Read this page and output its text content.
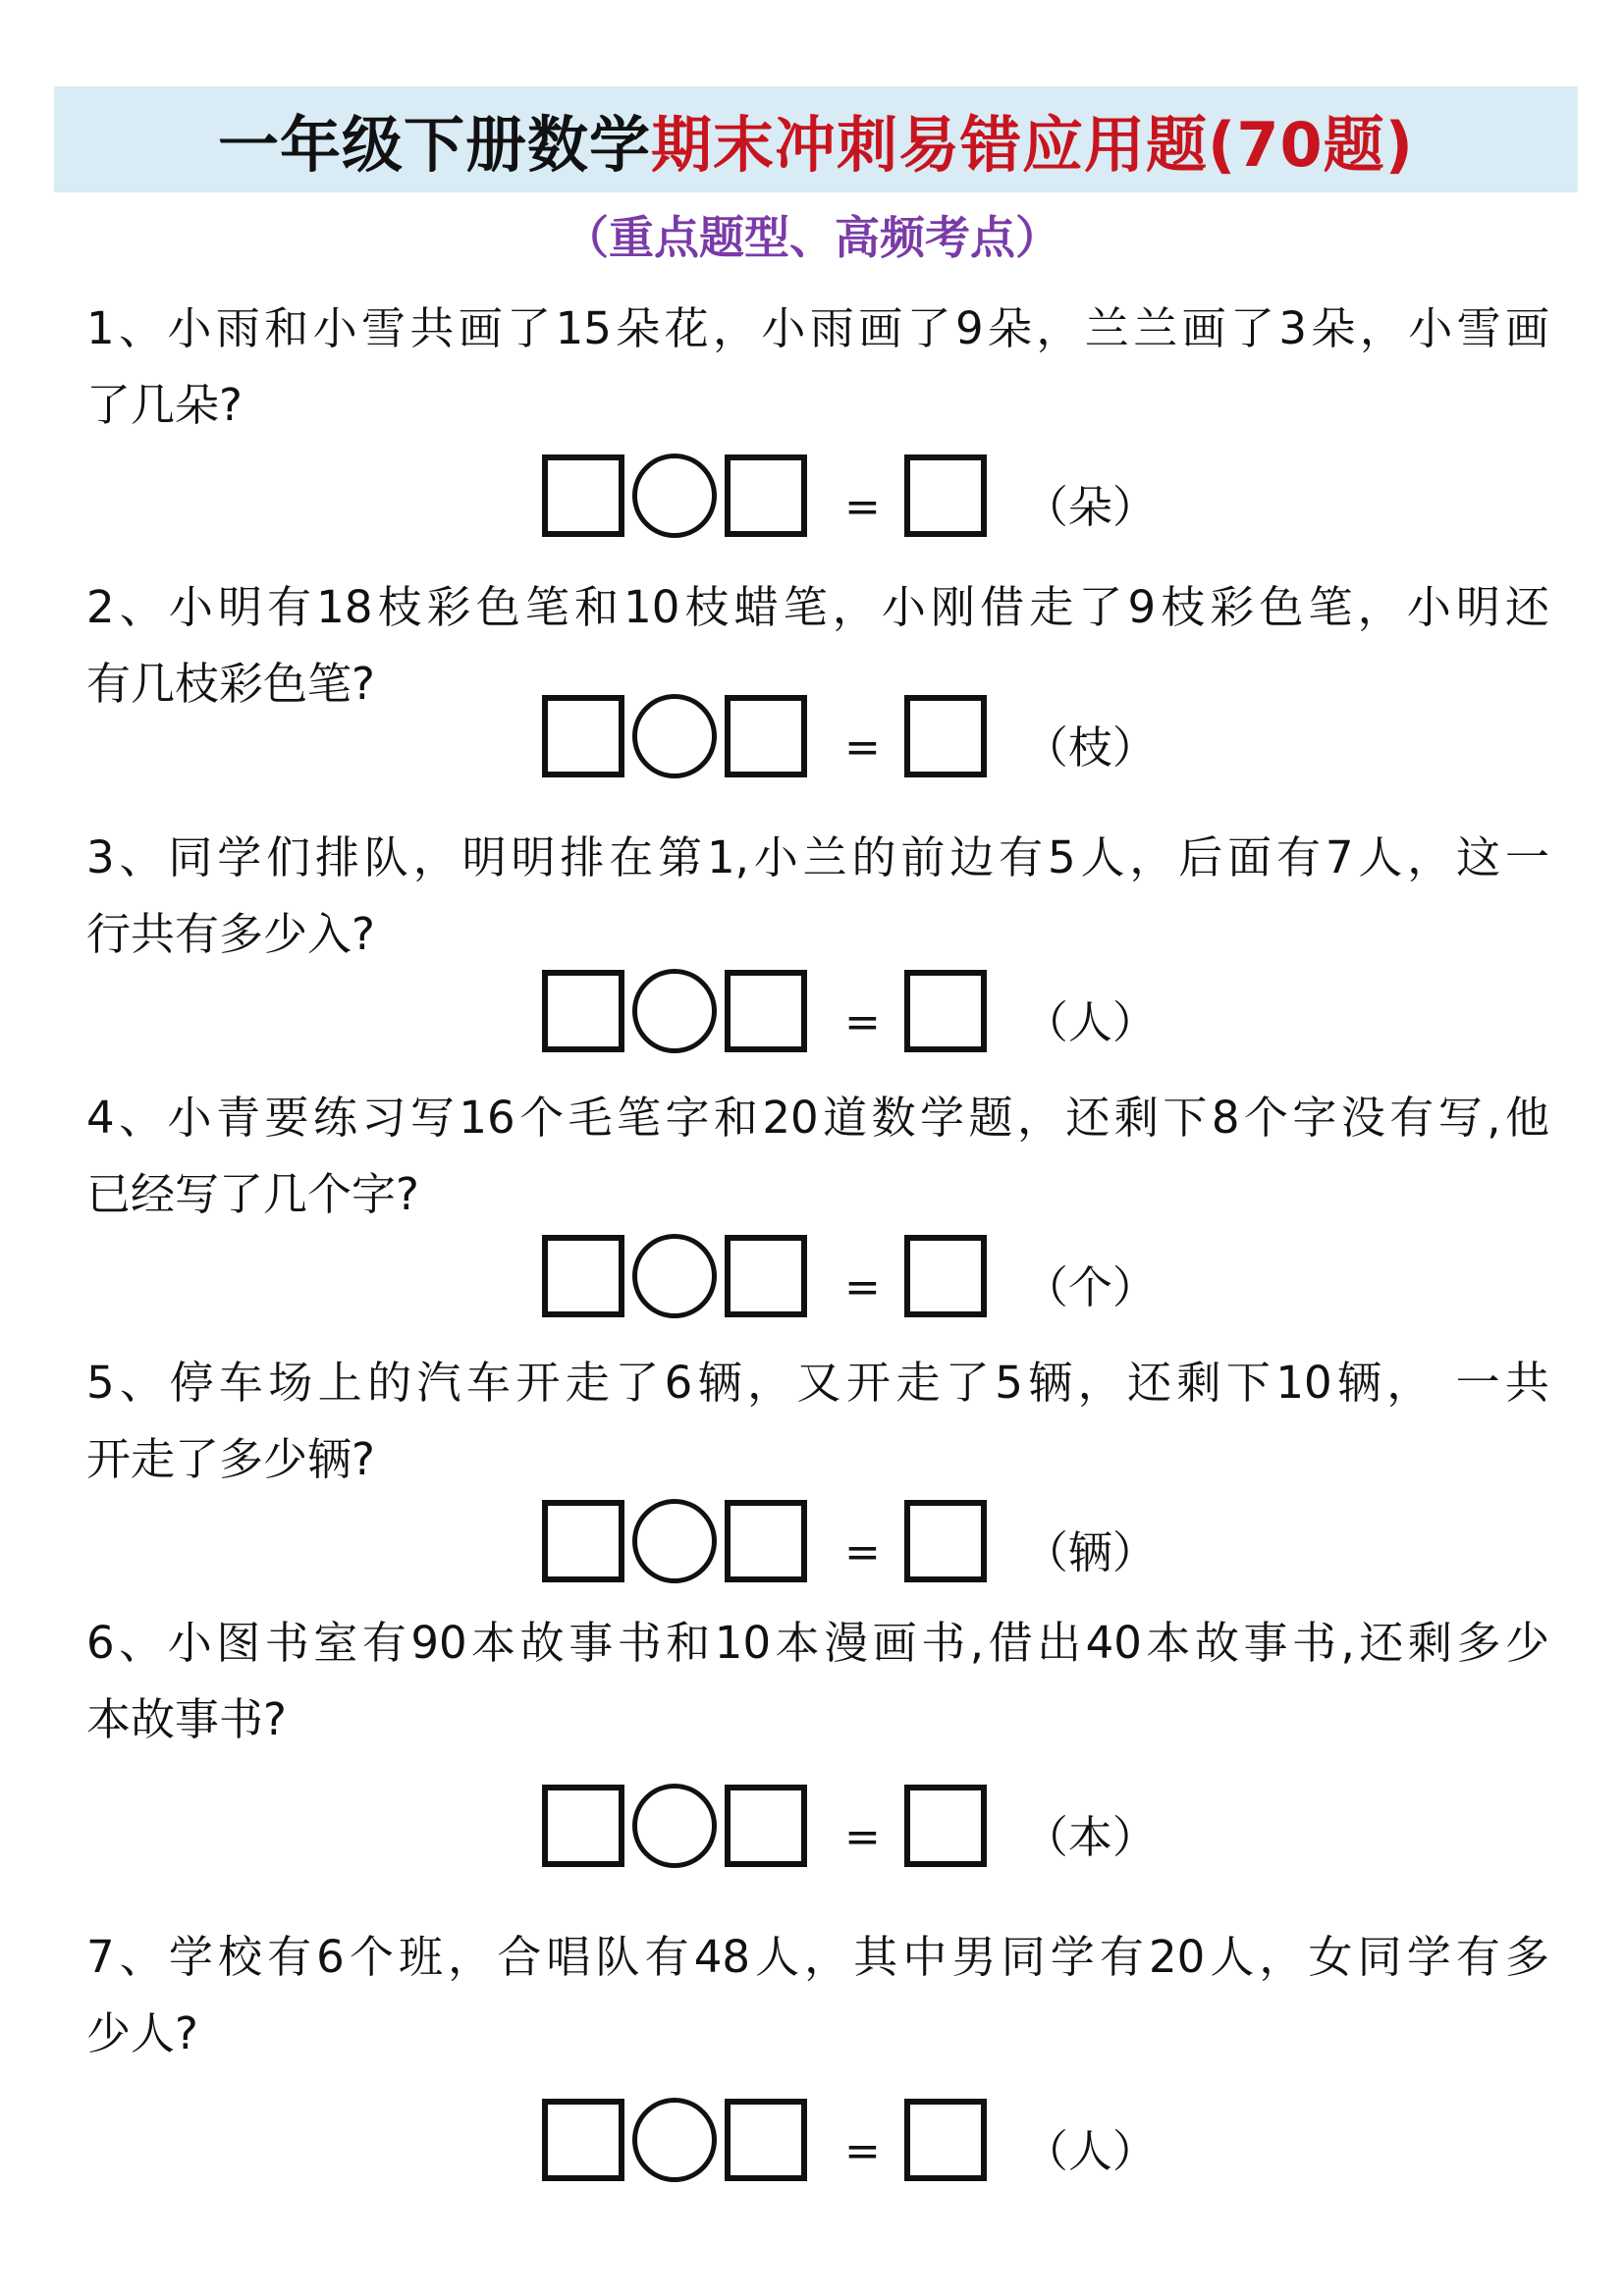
一年级下册数学期末冲刺易错应用题(70题)
（重点题型、高频考点）
1、小雨和小雪共画了15朵花，小雨画了9朵，兰兰画了3朵，小雪画
了几朵?
=	（朵）
2、小明有18枝彩色笔和10枝蜡笔，小刚借走了9枝彩色笔，小明还
有几枝彩色笔?
=	（枝）
3、同学们排队，明明排在第1,小兰的前边有5人，后面有7人，这一
行共有多少入?
=	（人）
4、小青要练习写16个毛笔字和20道数学题，还剩下8个字没有写,他
已经写了几个字?
=	（个）
5、停车场上的汽车开走了6辆，又开走了5辆，还剩下10辆， 一共
开走了多少辆?
=	（辆）
6、小图书室有90本故事书和10本漫画书,借出40本故事书,还剩多少
本故事书?
=	（本）
7、学校有6个班，合唱队有48人，其中男同学有20人，女同学有多
少人?
=	（人）
